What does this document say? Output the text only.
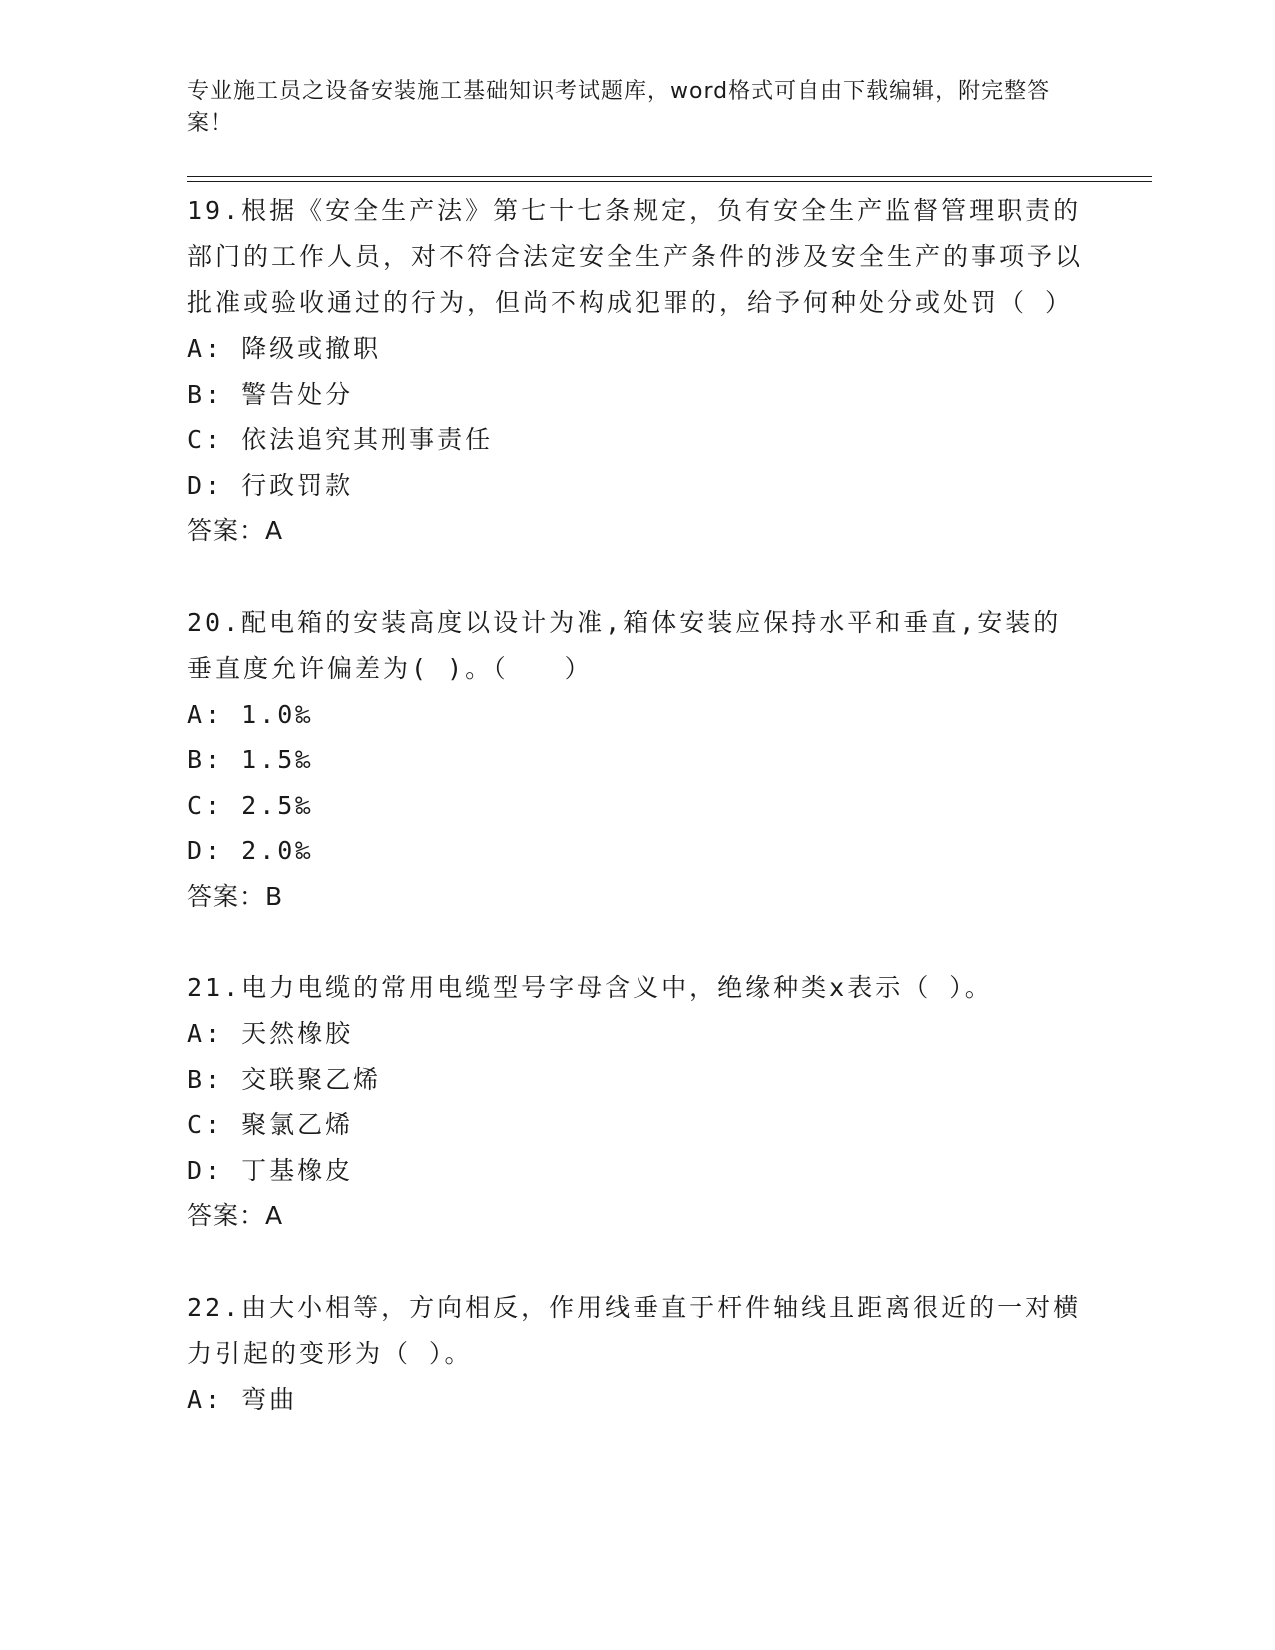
专业施工员之设备安装施工基础知识考试题库，word格式可自由下载编辑，附完整答案！

19.根据《安全生产法》第七十七条规定，负有安全生产监督管理职责的部门的工作人员，对不符合法定安全生产条件的涉及安全生产的事项予以批准或验收通过的行为，但尚不构成犯罪的，给予何种处分或处罚（ ）

A: 降级或撤职

B: 警告处分

C: 依法追究其刑事责任

D: 行政罚款

答案：A

20.配电箱的安装高度以设计为准,箱体安装应保持水平和垂直,安装的垂直度允许偏差为( )。（　　）

A: 1.0‰

B: 1.5‰

C: 2.5‰

D: 2.0‰

答案：B

21.电力电缆的常用电缆型号字母含义中，绝缘种类x表示（ ）。

A: 天然橡胶

B: 交联聚乙烯

C: 聚氯乙烯

D: 丁基橡皮

答案：A

22.由大小相等，方向相反，作用线垂直于杆件轴线且距离很近的一对横力引起的变形为（ ）。

A: 弯曲
